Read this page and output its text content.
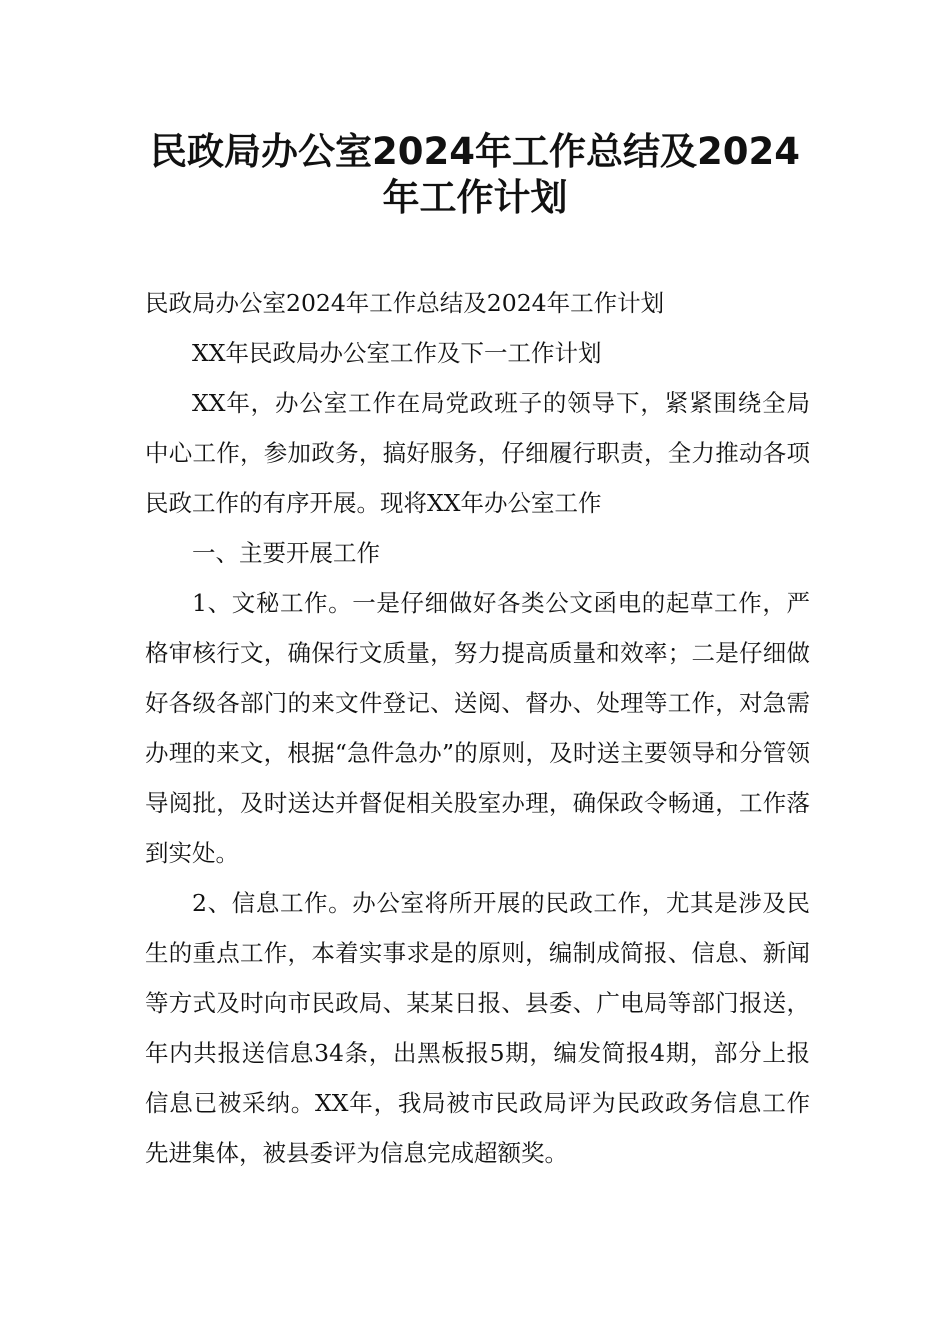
民政局办公室2024年工作总结及2024
年工作计划

民政局办公室2024年工作总结及2024年工作计划

XX年民政局办公室工作及下一工作计划

XX年，办公室工作在局党政班子的领导下，紧紧围绕全局中心工作，参加政务，搞好服务，仔细履行职责，全力推动各项民政工作的有序开展。现将XX年办公室工作

一、主要开展工作

1、文秘工作。一是仔细做好各类公文函电的起草工作，严格审核行文，确保行文质量，努力提高质量和效率；二是仔细做好各级各部门的来文件登记、送阅、督办、处理等工作，对急需办理的来文，根据“急件急办”的原则，及时送主要领导和分管领导阅批，及时送达并督促相关股室办理，确保政令畅通，工作落到实处。

2、信息工作。办公室将所开展的民政工作，尤其是涉及民生的重点工作，本着实事求是的原则，编制成简报、信息、新闻等方式及时向市民政局、某某日报、县委、广电局等部门报送，年内共报送信息34条，出黑板报5期，编发简报4期，部分上报信息已被采纳。XX年，我局被市民政局评为民政政务信息工作先进集体，被县委评为信息完成超额奖。
